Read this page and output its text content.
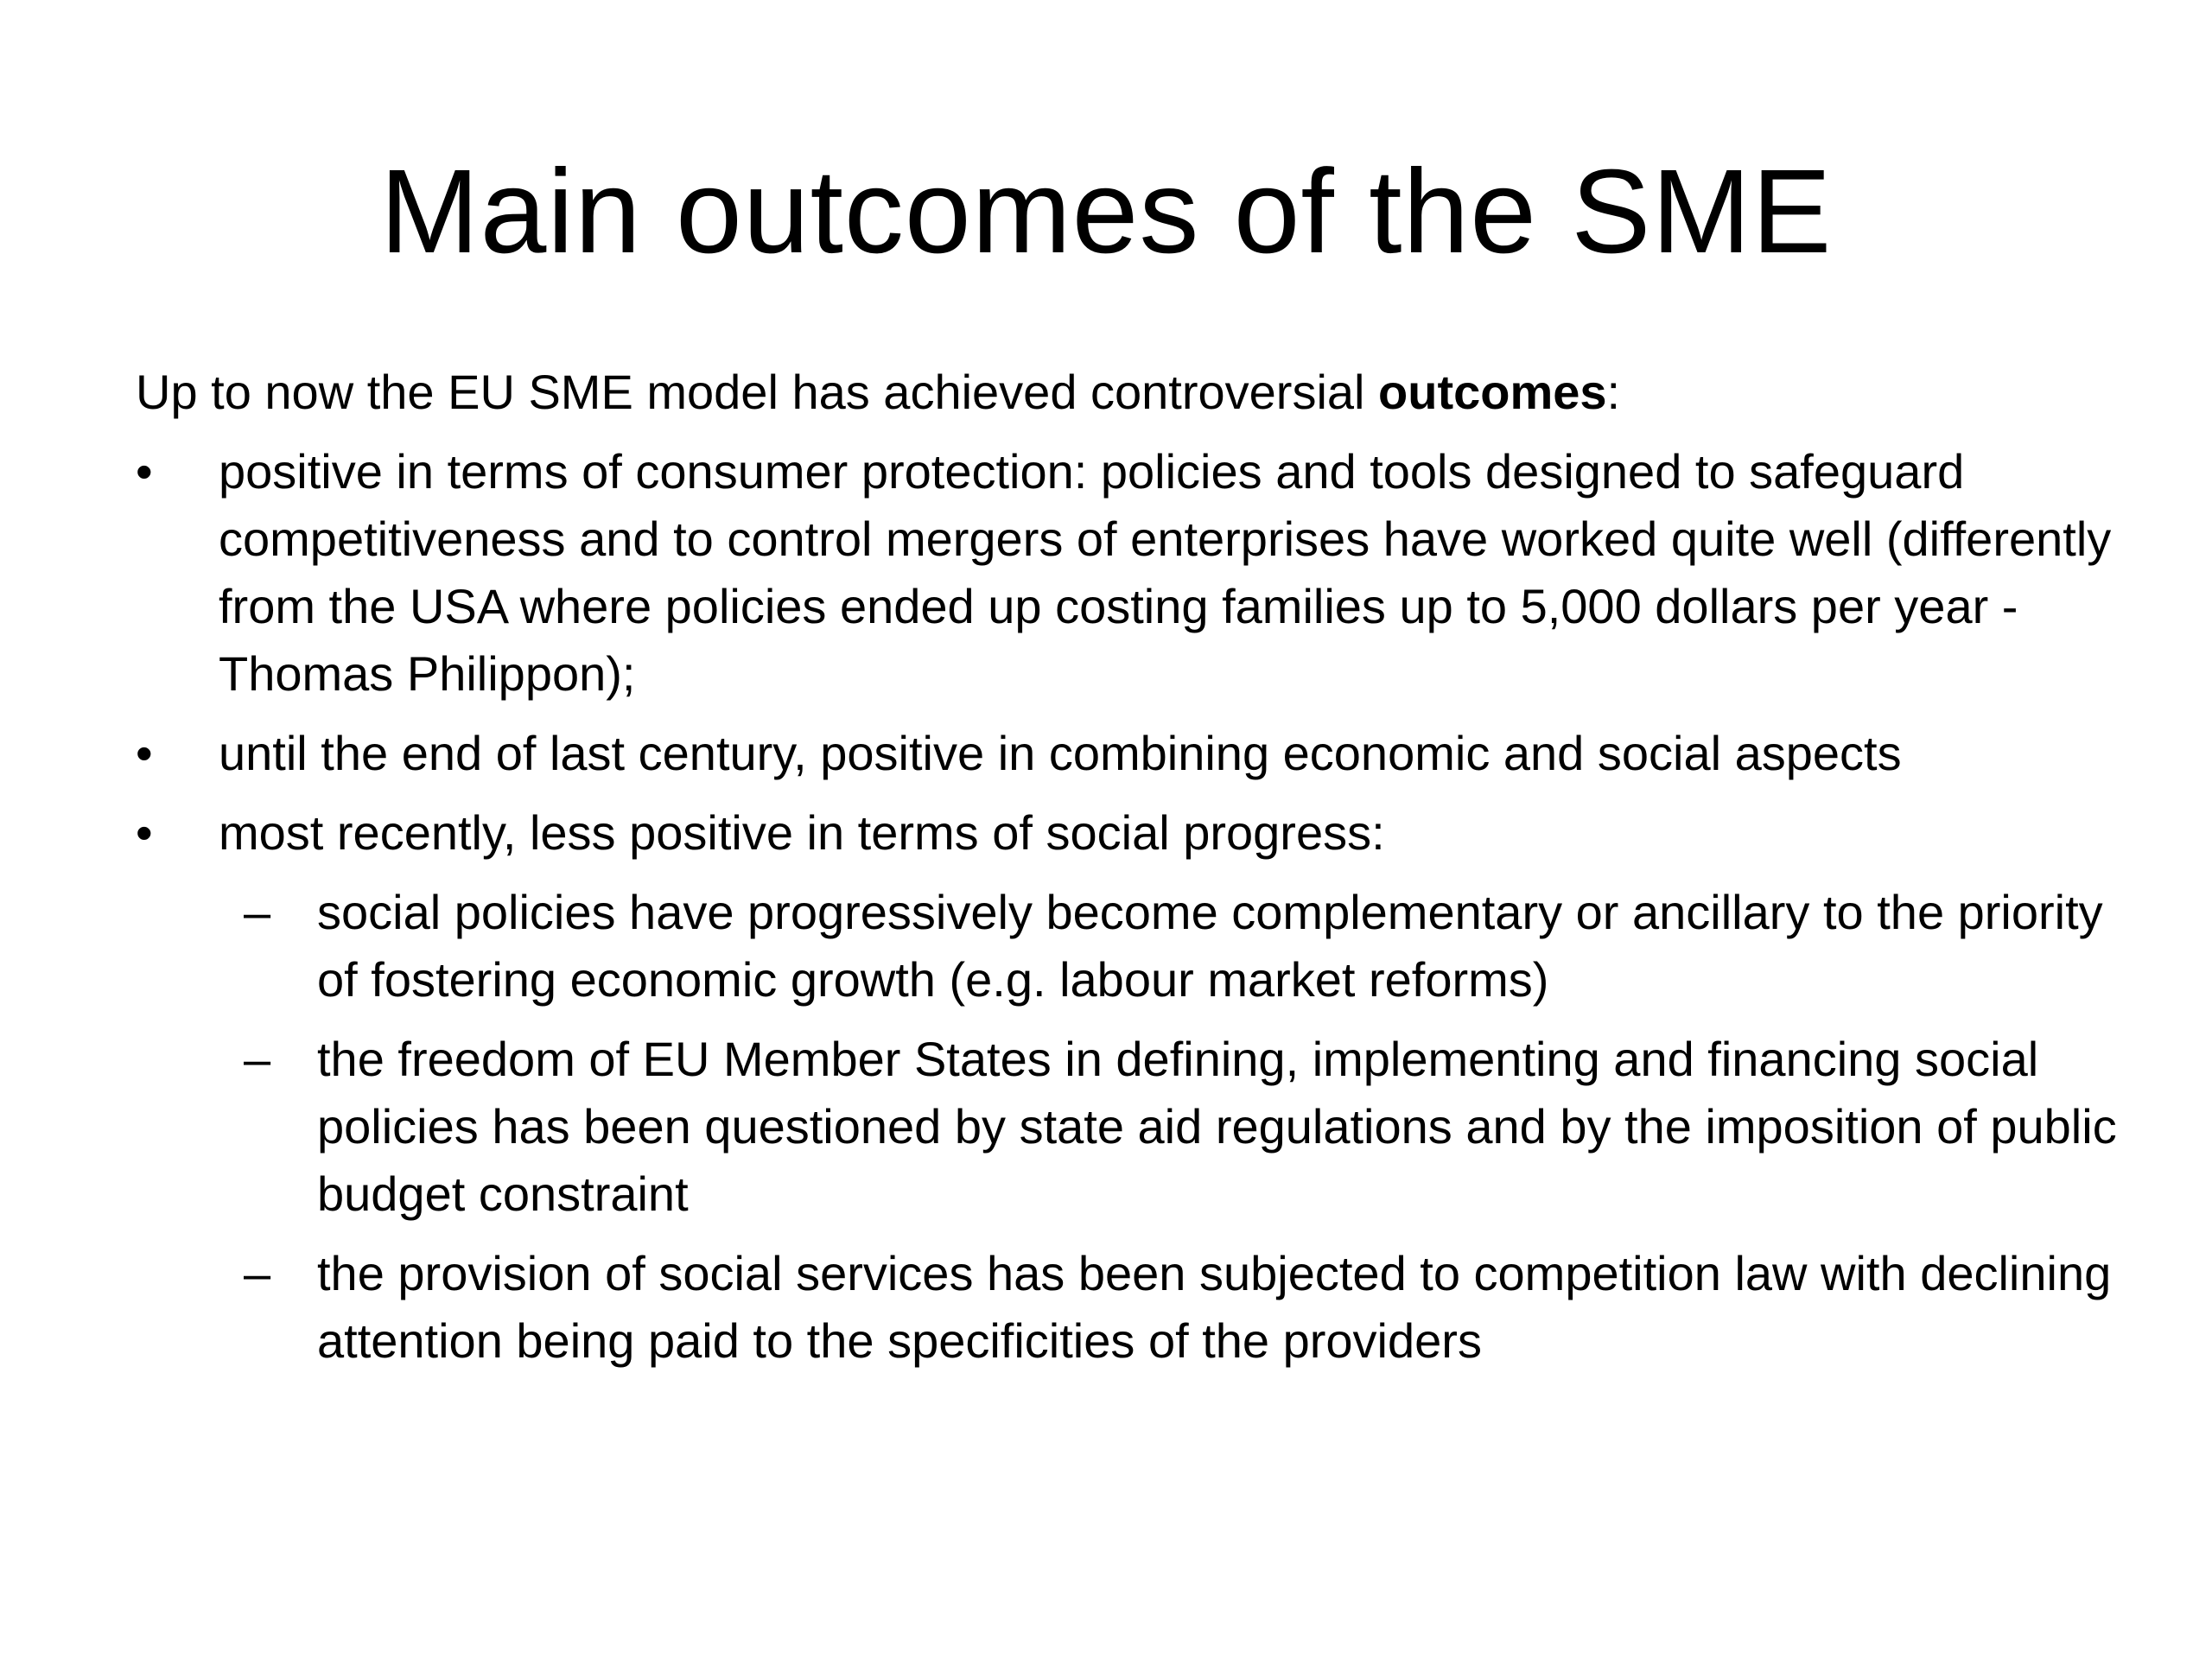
Main outcomes of the SME

Up to now the EU SME model has achieved controversial outcomes:

•	positive in terms of consumer protection: policies and tools designed to safeguard competitiveness and to control mergers of enterprises have worked quite well (differently from the USA where policies ended up costing families up to 5,000 dollars per year - Thomas Philippon);
•	until the end of last century, positive in combining economic and social aspects
•	most recently, less positive in terms of social progress:
– social policies have progressively become complementary or ancillary to the priority of fostering economic growth (e.g. labour market reforms)
– the freedom of EU Member States in defining, implementing and financing social policies has been questioned by state aid regulations and by the imposition of public budget constraint
– the provision of social services has been subjected to competition law with declining attention being paid to the specificities of the providers
